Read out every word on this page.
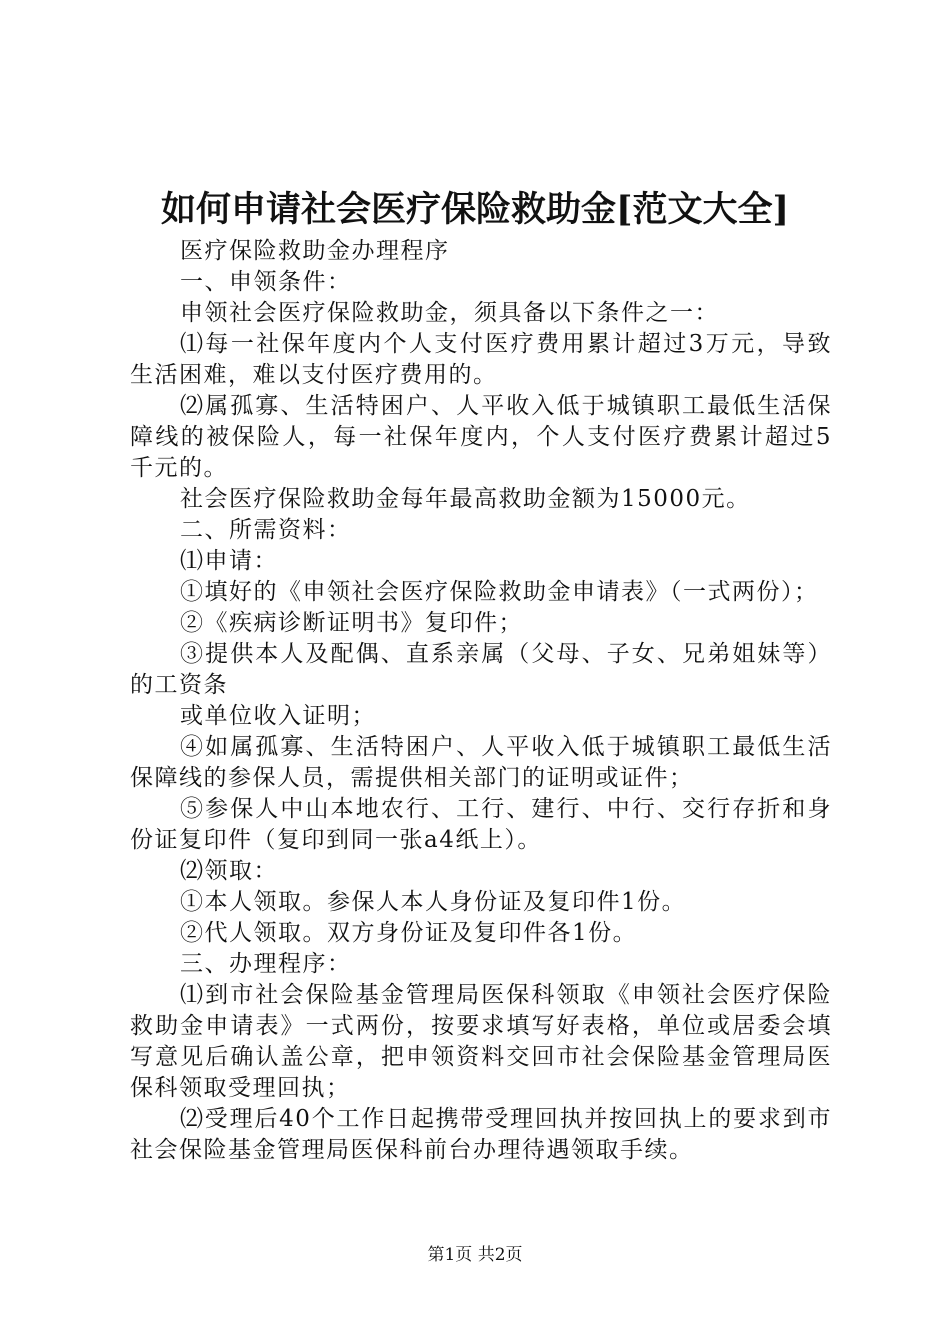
如何申请社会医疗保险救助金[范文大全]

医疗保险救助金办理程序

一、申领条件：

申领社会医疗保险救助金，须具备以下条件之一：

⑴每一社保年度内个人支付医疗费用累计超过3万元，导致生活困难，难以支付医疗费用的。

⑵属孤寡、生活特困户、人平收入低于城镇职工最低生活保障线的被保险人，每一社保年度内，个人支付医疗费累计超过5千元的。

社会医疗保险救助金每年最高救助金额为15000元。

二、所需资料：

⑴申请：

①填好的《申领社会医疗保险救助金申请表》（一式两份）；

②《疾病诊断证明书》复印件；

③提供本人及配偶、直系亲属（父母、子女、兄弟姐妹等）的工资条

或单位收入证明；

④如属孤寡、生活特困户、人平收入低于城镇职工最低生活保障线的参保人员，需提供相关部门的证明或证件；

⑤参保人中山本地农行、工行、建行、中行、交行存折和身份证复印件（复印到同一张a4纸上）。

⑵领取：

①本人领取。参保人本人身份证及复印件1份。

②代人领取。双方身份证及复印件各1份。

三、办理程序：

⑴到市社会保险基金管理局医保科领取《申领社会医疗保险救助金申请表》一式两份，按要求填写好表格，单位或居委会填写意见后确认盖公章，把申领资料交回市社会保险基金管理局医保科领取受理回执；

⑵受理后40个工作日起携带受理回执并按回执上的要求到市社会保险基金管理局医保科前台办理待遇领取手续。

第1页 共2页
